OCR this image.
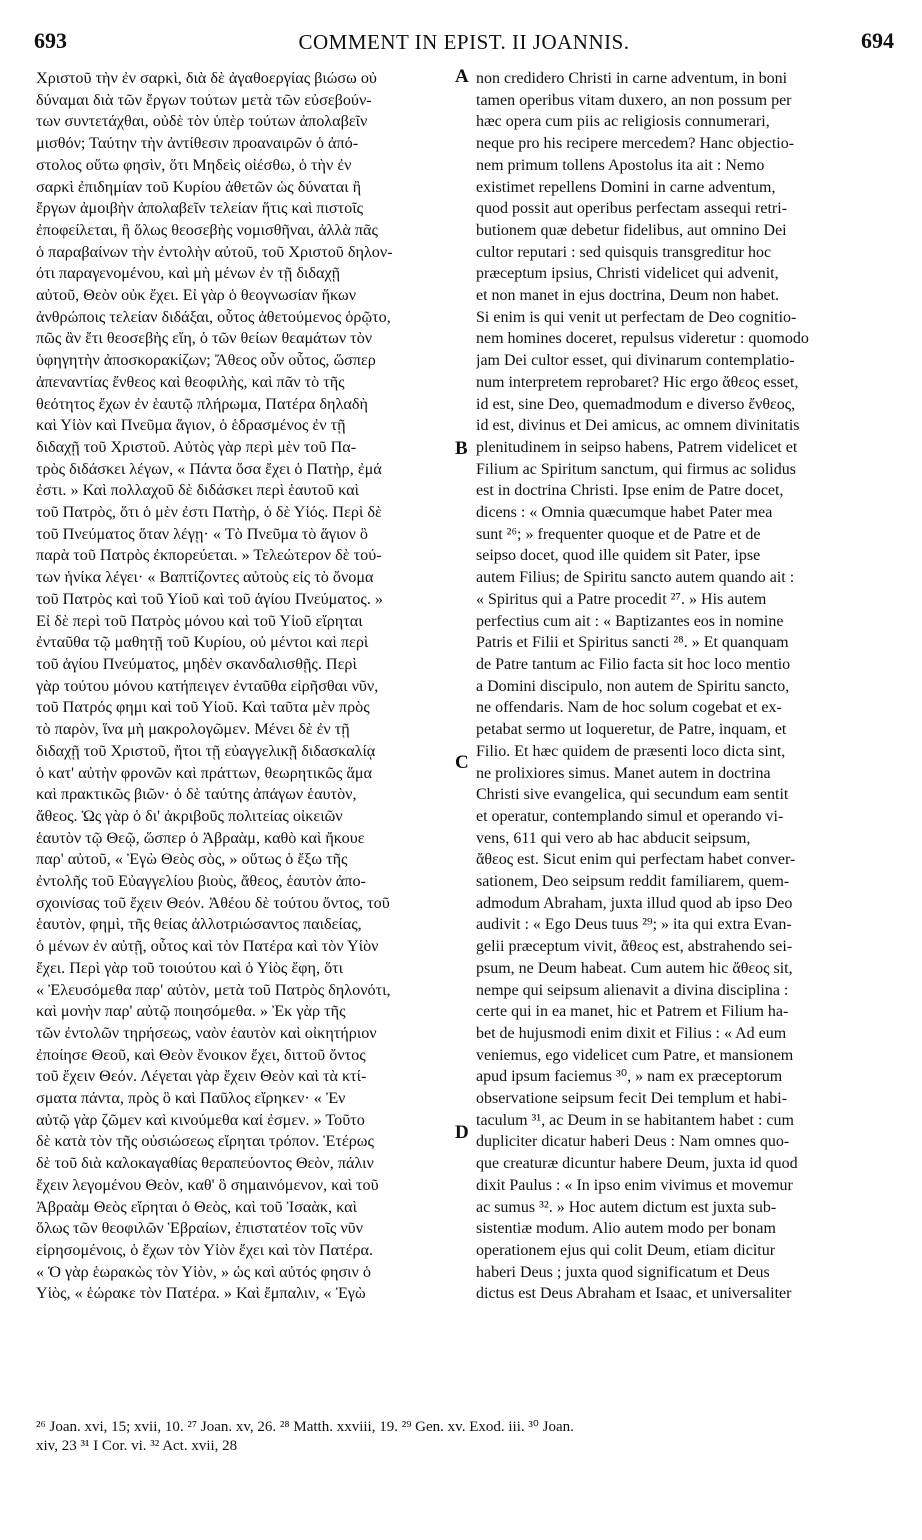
693	COMMENT IN EPIST. II JOANNIS.	694
Χριστοῦ τὴν ἐν σαρκὶ, διὰ δὲ ἀγαθοεργίας βιώσω οὐ
δύναμαι διὰ τῶν ἔργων τούτων μετὰ τῶν εὐσεβούν-
των συντετάχθαι, οὐδὲ τὸν ὑπὲρ τούτων ἀπολαβεῖν
μισθόν; Ταύτην τὴν ἀντίθεσιν προαναιρῶν ὁ ἀπό-
στολος οὕτω φησὶν, ὅτι Μηδεὶς οἰέσθω, ὁ τὴν ἐν
σαρκὶ ἐπιδημίαν τοῦ Κυρίου ἀθετῶν ὡς δύναται ἢ
ἔργων ἀμοιβὴν ἀπολαβεῖν τελείαν ἥτις καὶ πιστοῖς
ἐποφείλεται, ἢ ὅλως θεοσεβὴς νομισθῆναι, ἀλλὰ πᾶς
ὁ παραβαίνων τὴν ἐντολὴν αὐτοῦ, τοῦ Χριστοῦ δηλον-
ότι παραγενομένου, καὶ μὴ μένων ἐν τῇ διδαχῇ
αὐτοῦ, Θεὸν οὐκ ἔχει. Εἰ γὰρ ὁ θεογνωσίαν ἥκων
ἀνθρώποις τελείαν διδάξαι, οὗτος ἀθετούμενος ὁρῷτο,
πῶς ἂν ἔτι θεοσεβὴς εἴη, ὁ τῶν θείων θεαμάτων τὸν
ὑφηγητὴν ἀποσκορακίζων; Ἄθεος οὖν οὗτος, ὥσπερ
ἀπεναντίας ἔνθεος καὶ θεοφιλὴς, καὶ πᾶν τὸ τῆς
θεότητος ἔχων ἐν ἑαυτῷ πλήρωμα, Πατέρα δηλαδὴ
καὶ Υἱὸν καὶ Πνεῦμα ἅγιον, ὁ ἑδρασμένος ἐν τῇ
διδαχῇ τοῦ Χριστοῦ. Αὐτὸς γὰρ περὶ μὲν τοῦ Πα-
τρὸς διδάσκει λέγων, « Πάντα ὅσα ἔχει ὁ Πατὴρ, ἐμά
ἐστι. » Καὶ πολλαχοῦ δὲ διδάσκει περὶ ἑαυτοῦ καὶ
τοῦ Πατρὸς, ὅτι ὁ μὲν ἐστι Πατὴρ, ὁ δὲ Υἱός. Περὶ δὲ
τοῦ Πνεύματος ὅταν λέγῃ· « Τὸ Πνεῦμα τὸ ἅγιον ὃ
παρὰ τοῦ Πατρὸς ἐκπορεύεται. » Τελεώτερον δὲ τού-
των ἡνίκα λέγει· « Βαπτίζοντες αὐτοὺς εἰς τὸ ὄνομα
τοῦ Πατρὸς καὶ τοῦ Υἱοῦ καὶ τοῦ ἁγίου Πνεύματος. »
Εἰ δὲ περὶ τοῦ Πατρὸς μόνου καὶ τοῦ Υἱοῦ εἴρηται
ἐνταῦθα τῷ μαθητῇ τοῦ Κυρίου, οὐ μέντοι καὶ περὶ
τοῦ ἁγίου Πνεύματος, μηδὲν σκανδαλισθῇς. Περὶ
γὰρ τούτου μόνου κατήπειγεν ἐνταῦθα εἰρῆσθαι νῦν,
τοῦ Πατρός φημι καὶ τοῦ Υἱοῦ. Καὶ ταῦτα μὲν πρὸς
τὸ παρὸν, ἵνα μὴ μακρολογῶμεν. Μένει δὲ ἐν τῇ
διδαχῇ τοῦ Χριστοῦ, ἤτοι τῇ εὐαγγελικῇ διδασκαλίᾳ
ὁ κατ' αὐτὴν φρονῶν καὶ πράττων, θεωρητικῶς ἅμα
καὶ πρακτικῶς βιῶν· ὁ δὲ ταύτης ἀπάγων ἑαυτὸν,
ἄθεος. Ὡς γὰρ ὁ δι' ἀκριβοῦς πολιτείας οἰκειῶν
ἑαυτὸν τῷ Θεῷ, ὥσπερ ὁ Ἀβραὰμ, καθὸ καὶ ἤκουε
παρ' αὐτοῦ, « Ἐγὼ Θεὸς σὸς, » οὕτως ὁ ἔξω τῆς
ἐντολῆς τοῦ Εὐαγγελίου βιοὺς, ἄθεος, ἑαυτὸν ἀπο-
σχοινίσας τοῦ ἔχειν Θεόν. Ἀθέου δὲ τούτου ὄντος, τοῦ
ἑαυτὸν, φημὶ, τῆς θείας ἀλλοτριώσαντος παιδείας,
ὁ μένων ἐν αὐτῇ, οὗτος καὶ τὸν Πατέρα καὶ τὸν Υἱὸν
ἔχει. Περὶ γὰρ τοῦ τοιούτου καὶ ὁ Υἱὸς ἔφη, ὅτι
« Ἐλευσόμεθα παρ' αὐτὸν, μετὰ τοῦ Πατρὸς δηλονότι,
καὶ μονὴν παρ' αὐτῷ ποιησόμεθα. » Ἐκ γὰρ τῆς
τῶν ἐντολῶν τηρήσεως, ναὸν ἑαυτὸν καὶ οἰκητήριον
ἐποίησε Θεοῦ, καὶ Θεὸν ἔνοικον ἔχει, διττοῦ ὄντος
τοῦ ἔχειν Θεόν. Λέγεται γὰρ ἔχειν Θεὸν καὶ τὰ κτί-
σματα πάντα, πρὸς ὃ καὶ Παῦλος εἴρηκεν· « Ἐν
αὐτῷ γὰρ ζῶμεν καὶ κινούμεθα καί ἐσμεν. » Τοῦτο
δὲ κατὰ τὸν τῆς οὐσιώσεως εἴρηται τρόπον. Ἑτέρως
δὲ τοῦ διὰ καλοκαγαθίας θεραπεύοντος Θεὸν, πάλιν
ἔχειν λεγομένου Θεὸν, καθ' ὃ σημαινόμενον, καὶ τοῦ
Ἀβραὰμ Θεὸς εἴρηται ὁ Θεὸς, καὶ τοῦ Ἰσαὰκ, καὶ
ὅλως τῶν θεοφιλῶν Ἑβραίων, ἐπιστατέον τοῖς νῦν
εἰρησομένοις, ὁ ἔχων τὸν Υἱὸν ἔχει καὶ τὸν Πατέρα.
« Ὁ γὰρ ἑωρακὼς τὸν Υἱὸν, » ὡς καὶ αὐτός φησιν ὁ
Υἱὸς, « ἑώρακε τὸν Πατέρα. » Καὶ ἔμπαλιν, « Ἐγὼ
A
B
C
D
non credidero Christi in carne adventum, in boni
tamen operibus vitam duxero, an non possum per
hæc opera cum piis ac religiosis connumerari,
neque pro his recipere mercedem? Hanc objectio-
nem primum tollens Apostolus ita ait : Nemo
existimet repellens Domini in carne adventum,
quod possit aut operibus perfectam assequi retri-
butionem quæ debetur fidelibus, aut omnino Dei
cultor reputari : sed quisquis transgreditur hoc
præceptum ipsius, Christi videlicet qui advenit,
et non manet in ejus doctrina, Deum non habet.
Si enim is qui venit ut perfectam de Deo cognitio-
nem homines doceret, repulsus videretur : quomodo
jam Dei cultor esset, qui divinarum contemplatio-
num interpretem reprobaret? Hic ergo ἄθεος esset,
id est, sine Deo, quemadmodum e diverso ἔνθεος,
id est, divinus et Dei amicus, ac omnem divinitatis
plenitudinem in seipso habens, Patrem videlicet et
Filium ac Spiritum sanctum, qui firmus ac solidus
est in doctrina Christi. Ipse enim de Patre docet,
dicens : « Omnia quæcumque habet Pater mea
sunt ²⁶; » frequenter quoque et de Patre et de
seipso docet, quod ille quidem sit Pater, ipse
autem Filius; de Spiritu sancto autem quando ait :
« Spiritus qui a Patre procedit ²⁷. » His autem
perfectius cum ait : « Baptizantes eos in nomine
Patris et Filii et Spiritus sancti ²⁸. » Et quanquam
de Patre tantum ac Filio facta sit hoc loco mentio
a Domini discipulo, non autem de Spiritu sancto,
ne offendaris. Nam de hoc solum cogebat et ex-
petabat sermo ut loqueretur, de Patre, inquam, et
Filio. Et hæc quidem de præsenti loco dicta sint,
ne prolixiores simus. Manet autem in doctrina
Christi sive evangelica, qui secundum eam sentit
et operatur, contemplando simul et operando vi-
vens, 611 qui vero ab hac abducit seipsum,
ἄθεος est. Sicut enim qui perfectam habet conver-
sationem, Deo seipsum reddit familiarem, quem-
admodum Abraham, juxta illud quod ab ipso Deo
audivit : « Ego Deus tuus ²⁹; » ita qui extra Evan-
gelii præceptum vivit, ἄθεος est, abstrahendo sei-
psum, ne Deum habeat. Cum autem hic ἄθεος sit,
nempe qui seipsum alienavit a divina disciplina :
certe qui in ea manet, hic et Patrem et Filium ha-
bet de hujusmodi enim dixit et Filius : « Ad eum
veniemus, ego videlicet cum Patre, et mansionem
apud ipsum faciemus ³⁰, » nam ex præceptorum
observatione seipsum fecit Dei templum et habi-
taculum ³¹, ac Deum in se habitantem habet : cum
dupliciter dicatur haberi Deus : Nam omnes quo-
que creaturæ dicuntur habere Deum, juxta id quod
dixit Paulus : « In ipso enim vivimus et movemur
ac sumus ³². » Hoc autem dictum est juxta sub-
sistentiæ modum. Alio autem modo per bonam
operationem ejus qui colit Deum, etiam dicitur
haberi Deus ; juxta quod significatum et Deus
dictus est Deus Abraham et Isaac, et universaliter
²⁶ Joan. xvi, 15; xvii, 10. ²⁷ Joan. xv, 26. ²⁸ Matth. xxviii, 19. ²⁹ Gen. xv. Exod. iii. ³⁰ Joan.
xiv, 23 ³¹ I Cor. vi. ³² Act. xvii, 28
